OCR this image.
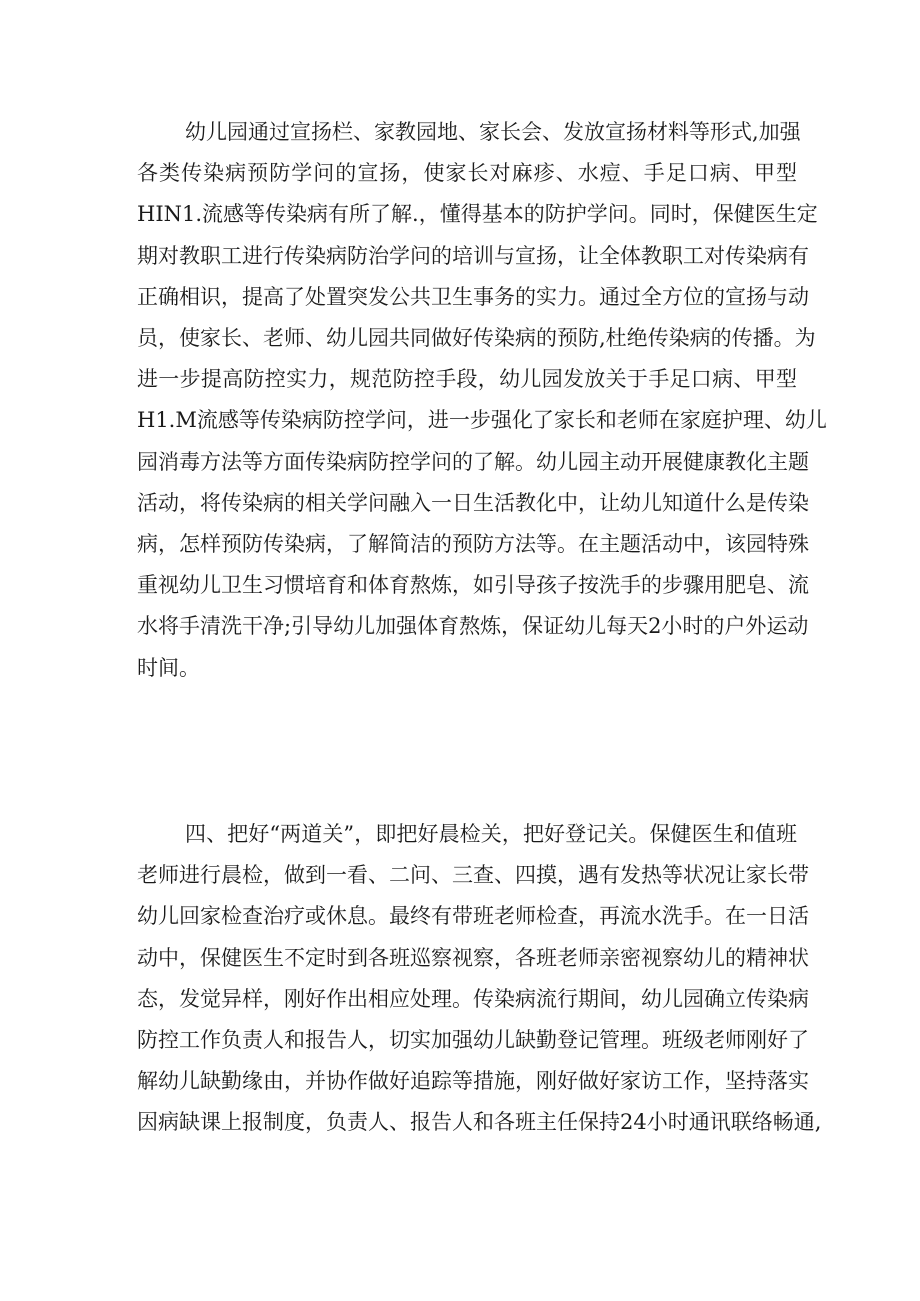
幼儿园通过宣扬栏、家教园地、家长会、发放宣扬材料等形式,加强
各类传染病预防学问的宣扬，使家长对麻疹、水痘、手足口病、甲型
HIN1.流感等传染病有所了解.，懂得基本的防护学问。同时，保健医生定
期对教职工进行传染病防治学问的培训与宣扬，让全体教职工对传染病有
正确相识，提高了处置突发公共卫生事务的实力。通过全方位的宣扬与动
员，使家长、老师、幼儿园共同做好传染病的预防,杜绝传染病的传播。为
进一步提高防控实力，规范防控手段，幼儿园发放关于手足口病、甲型
H1.M流感等传染病防控学问，进一步强化了家长和老师在家庭护理、幼儿
园消毒方法等方面传染病防控学问的了解。幼儿园主动开展健康教化主题
活动，将传染病的相关学问融入一日生活教化中，让幼儿知道什么是传染
病，怎样预防传染病，了解简洁的预防方法等。在主题活动中，该园特殊
重视幼儿卫生习惯培育和体育熬炼，如引导孩子按洗手的步骤用肥皂、流
水将手清洗干净;引导幼儿加强体育熬炼，保证幼儿每天2小时的户外运动
时间。
四、把好“两道关”，即把好晨检关，把好登记关。保健医生和值班
老师进行晨检，做到一看、二问、三查、四摸，遇有发热等状况让家长带
幼儿回家检查治疗或休息。最终有带班老师检查，再流水洗手。在一日活
动中，保健医生不定时到各班巡察视察，各班老师亲密视察幼儿的精神状
态，发觉异样，刚好作出相应处理。传染病流行期间，幼儿园确立传染病
防控工作负责人和报告人，切实加强幼儿缺勤登记管理。班级老师刚好了
解幼儿缺勤缘由，并协作做好追踪等措施，刚好做好家访工作，坚持落实
因病缺课上报制度，负责人、报告人和各班主任保持24小时通讯联络畅通,
